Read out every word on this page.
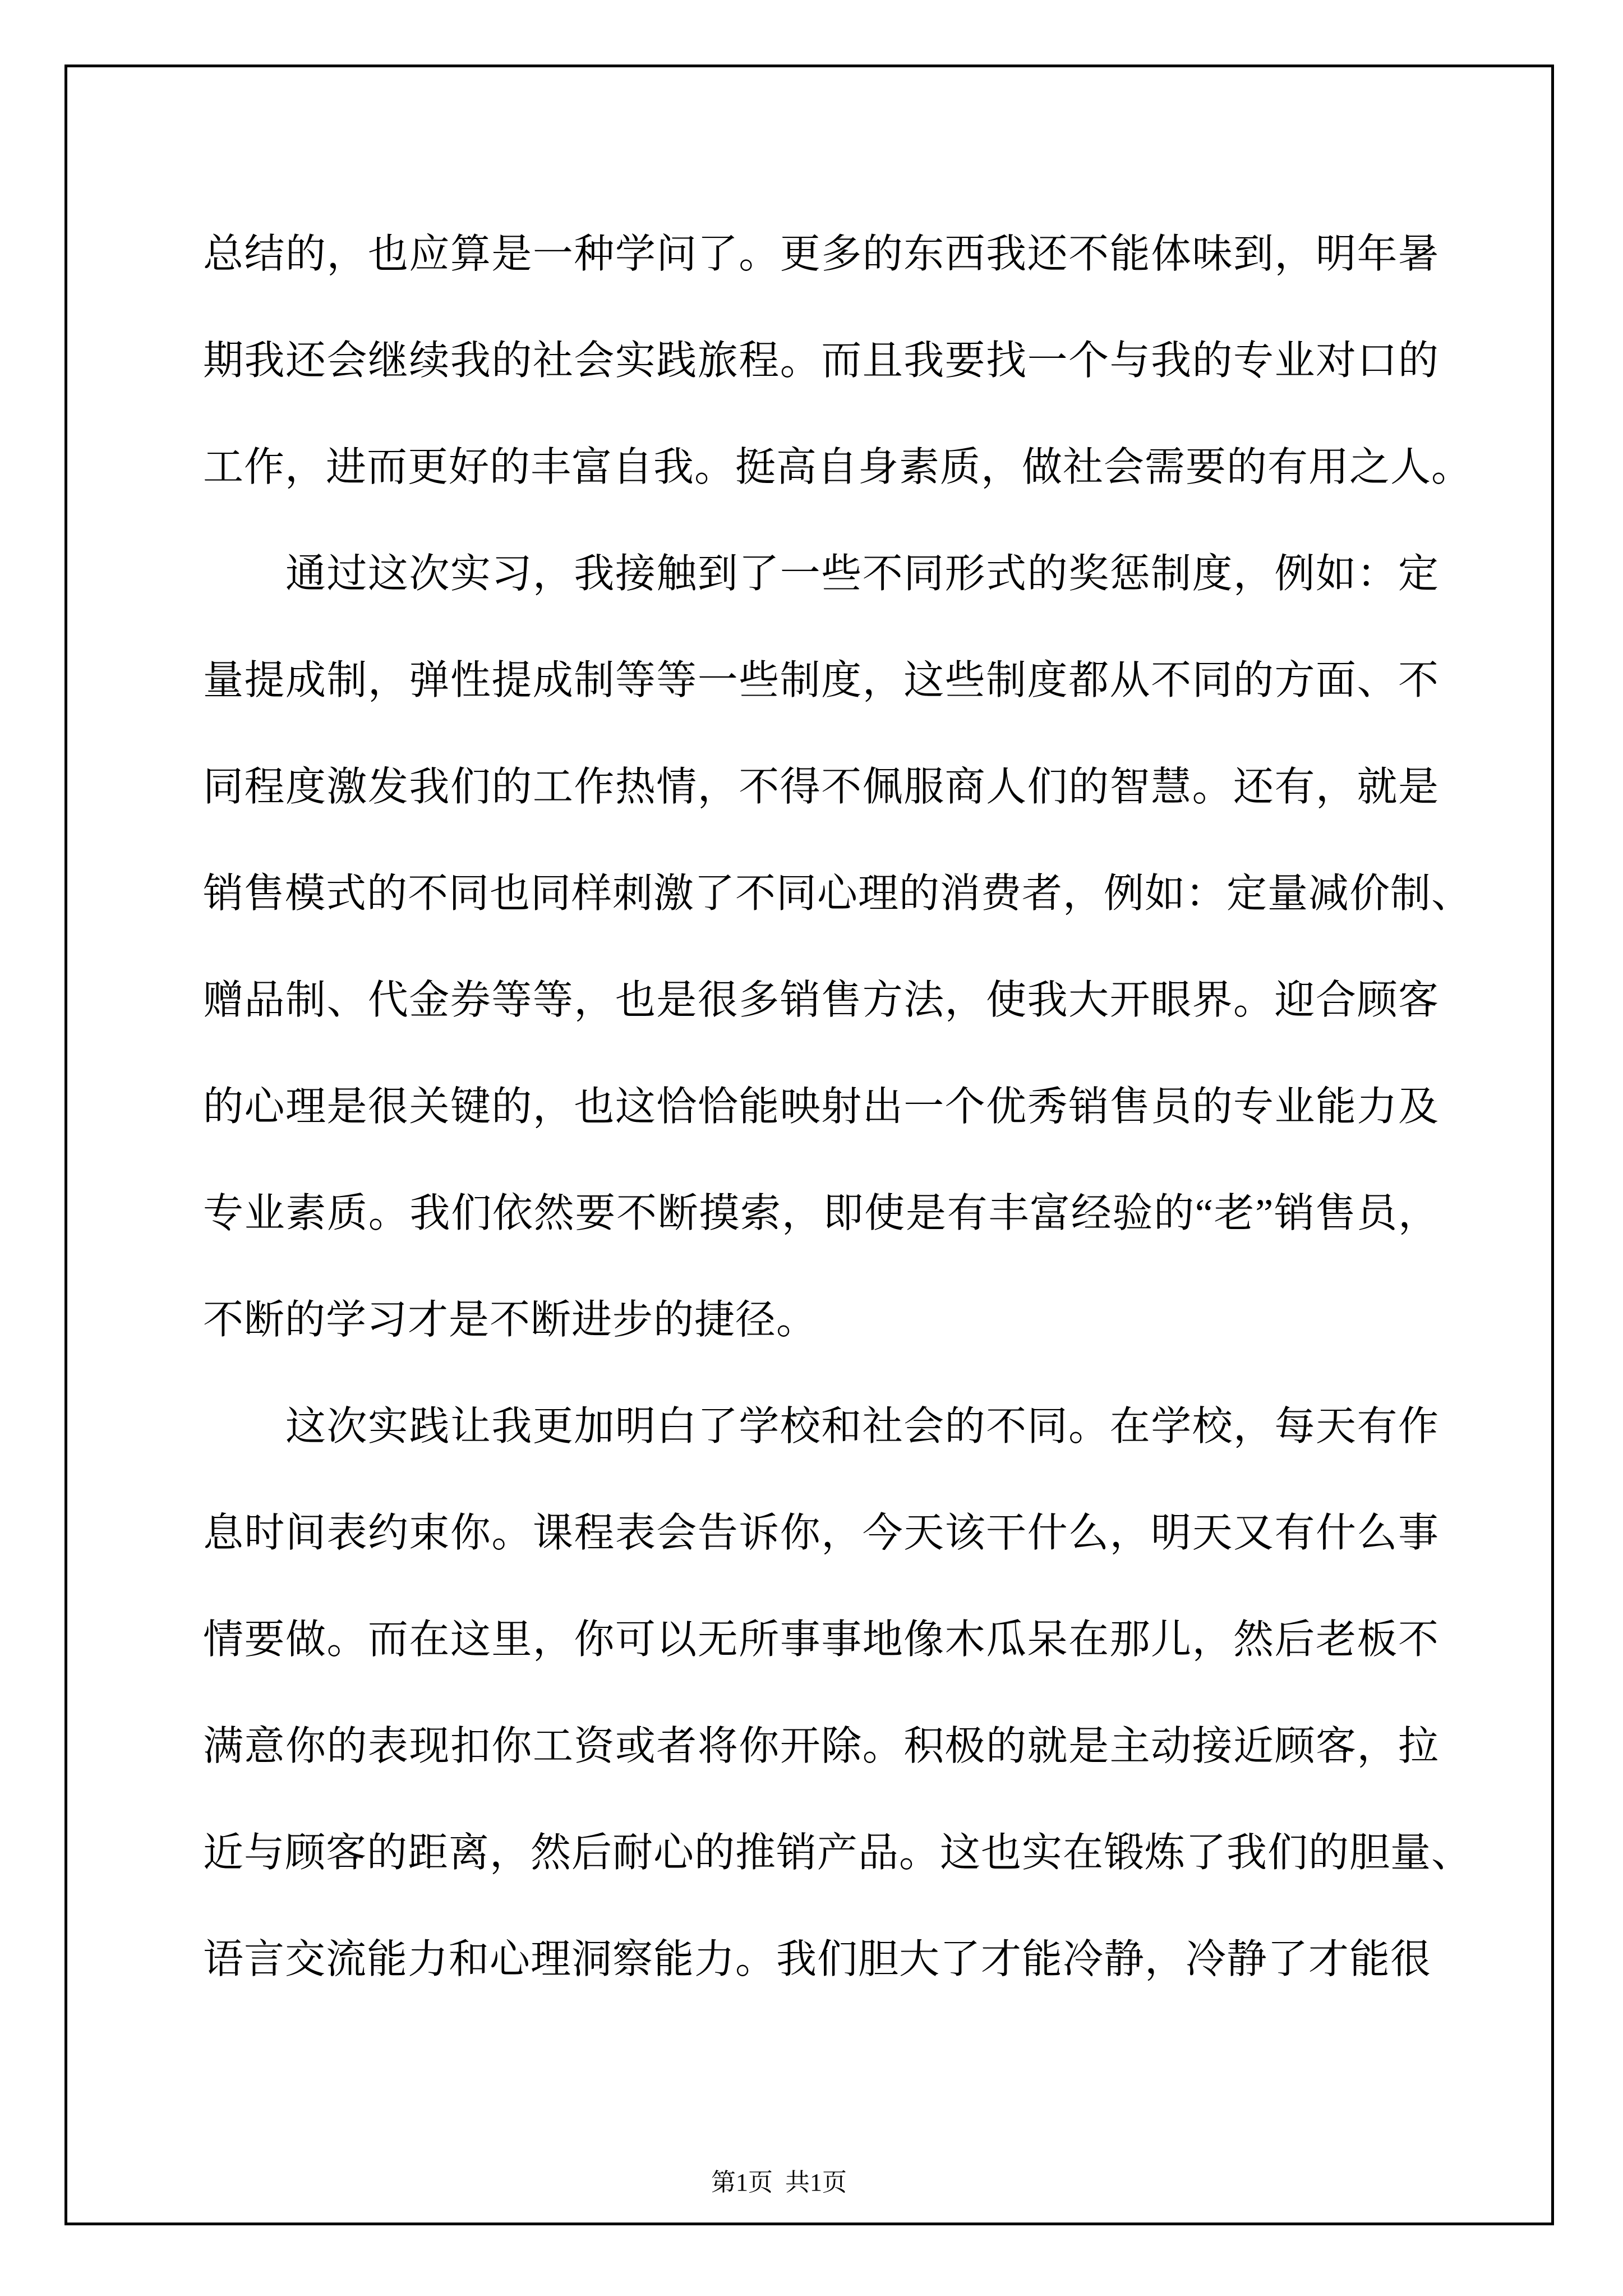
总结的，也应算是一种学问了。更多的东西我还不能体味到，明年暑
期我还会继续我的社会实践旅程。而且我要找一个与我的专业对口的
工作，进而更好的丰富自我。挺高自身素质，做社会需要的有用之人。
　　通过这次实习，我接触到了一些不同形式的奖惩制度，例如：定
量提成制，弹性提成制等等一些制度，这些制度都从不同的方面、不
同程度激发我们的工作热情，不得不佩服商人们的智慧。还有，就是
销售模式的不同也同样刺激了不同心理的消费者，例如：定量减价制、
赠品制、代金券等等，也是很多销售方法，使我大开眼界。迎合顾客
的心理是很关键的，也这恰恰能映射出一个优秀销售员的专业能力及
专业素质。我们依然要不断摸索，即使是有丰富经验的“老”销售员，
不断的学习才是不断进步的捷径。
　　这次实践让我更加明白了学校和社会的不同。在学校，每天有作
息时间表约束你。课程表会告诉你，今天该干什么，明天又有什么事
情要做。而在这里，你可以无所事事地像木瓜呆在那儿，然后老板不
满意你的表现扣你工资或者将你开除。积极的就是主动接近顾客，拉
近与顾客的距离，然后耐心的推销产品。这也实在锻炼了我们的胆量、
语言交流能力和心理洞察能力。我们胆大了才能冷静，冷静了才能很

第1页  共1页
